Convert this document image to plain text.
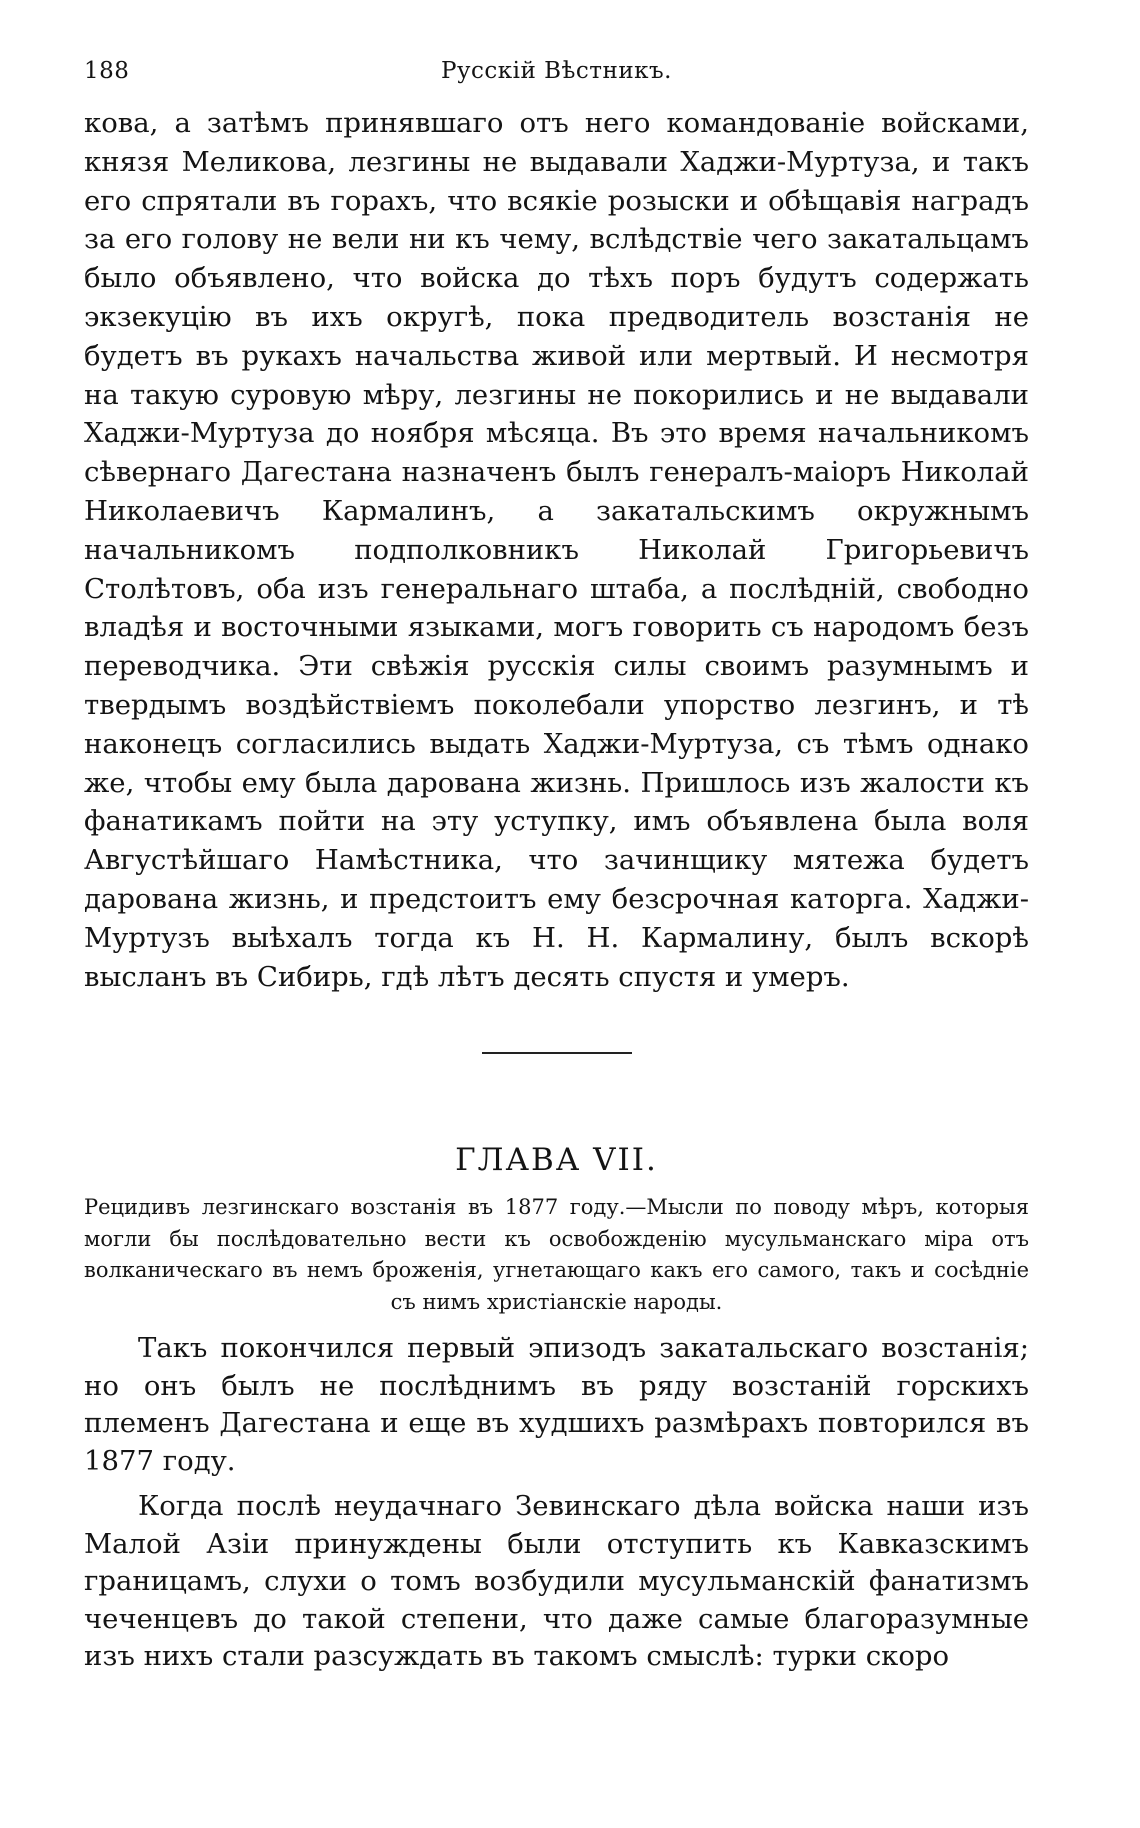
188	Русскій Вѣстникъ.

кова, а затѣмъ принявшаго отъ него командованіе войсками, князя Меликова, лезгины не выдавали Хаджи-Муртуза, и такъ его спрятали въ горахъ, что всякіе розыски и обѣщавія наградъ за его голову не вели ни къ чему, вслѣдствіе чего закатальцамъ было объявлено, что войска до тѣхъ поръ будутъ содержать экзекуцію въ ихъ округѣ, пока предводитель возстанія не будетъ въ рукахъ начальства живой или мертвый. И несмотря на такую суровую мѣру, лезгины не покорились и не выдавали Хаджи-Муртуза до ноября мѣсяца. Въ это время начальникомъ сѣвернаго Дагестана назначенъ былъ генералъ-маіоръ Николай Николаевичъ Кармалинъ, а закатальскимъ окружнымъ начальникомъ подполковникъ Николай Григорьевичъ Столѣтовъ, оба изъ генеральнаго штаба, а послѣдній, свободно владѣя и восточными языками, могъ говорить съ народомъ безъ переводчика. Эти свѣжія русскія силы своимъ разумнымъ и твердымъ воздѣйствіемъ поколебали упорство лезгинъ, и тѣ наконецъ согласились выдать Хаджи-Муртуза, съ тѣмъ однако же, чтобы ему была дарована жизнь. Пришлось изъ жалости къ фанатикамъ пойти на эту уступку, имъ объявлена была воля Августѣйшаго Намѣстника, что зачинщику мятежа будетъ дарована жизнь, и предстоитъ ему безсрочная каторга. Хаджи-Муртузъ выѣхалъ тогда къ Н. Н. Кармалину, былъ вскорѣ высланъ въ Сибирь, гдѣ лѣтъ десять спустя и умеръ.

ГЛАВА VII.
Рецидивъ лезгинскаго возстанія въ 1877 году.—Мысли по поводу мѣръ, которыя могли бы послѣдовательно вести къ освобожденію мусульманскаго міра отъ волканическаго въ немъ броженія, угнетающаго какъ его самого, такъ и сосѣдніе съ нимъ христіанскіе народы.

Такъ покончился первый эпизодъ закатальскаго возстанія; но онъ былъ не послѣднимъ въ ряду возстаній горскихъ племенъ Дагестана и еще въ худшихъ размѣрахъ повторился въ 1877 году.

Когда послѣ неудачнаго Зевинскаго дѣла войска наши изъ Малой Азіи принуждены были отступить къ Кавказскимъ границамъ, слухи о томъ возбудили мусульманскій фанатизмъ чеченцевъ до такой степени, что даже самые благоразумные изъ нихъ стали разсуждать въ такомъ смыслѣ: турки скоро
